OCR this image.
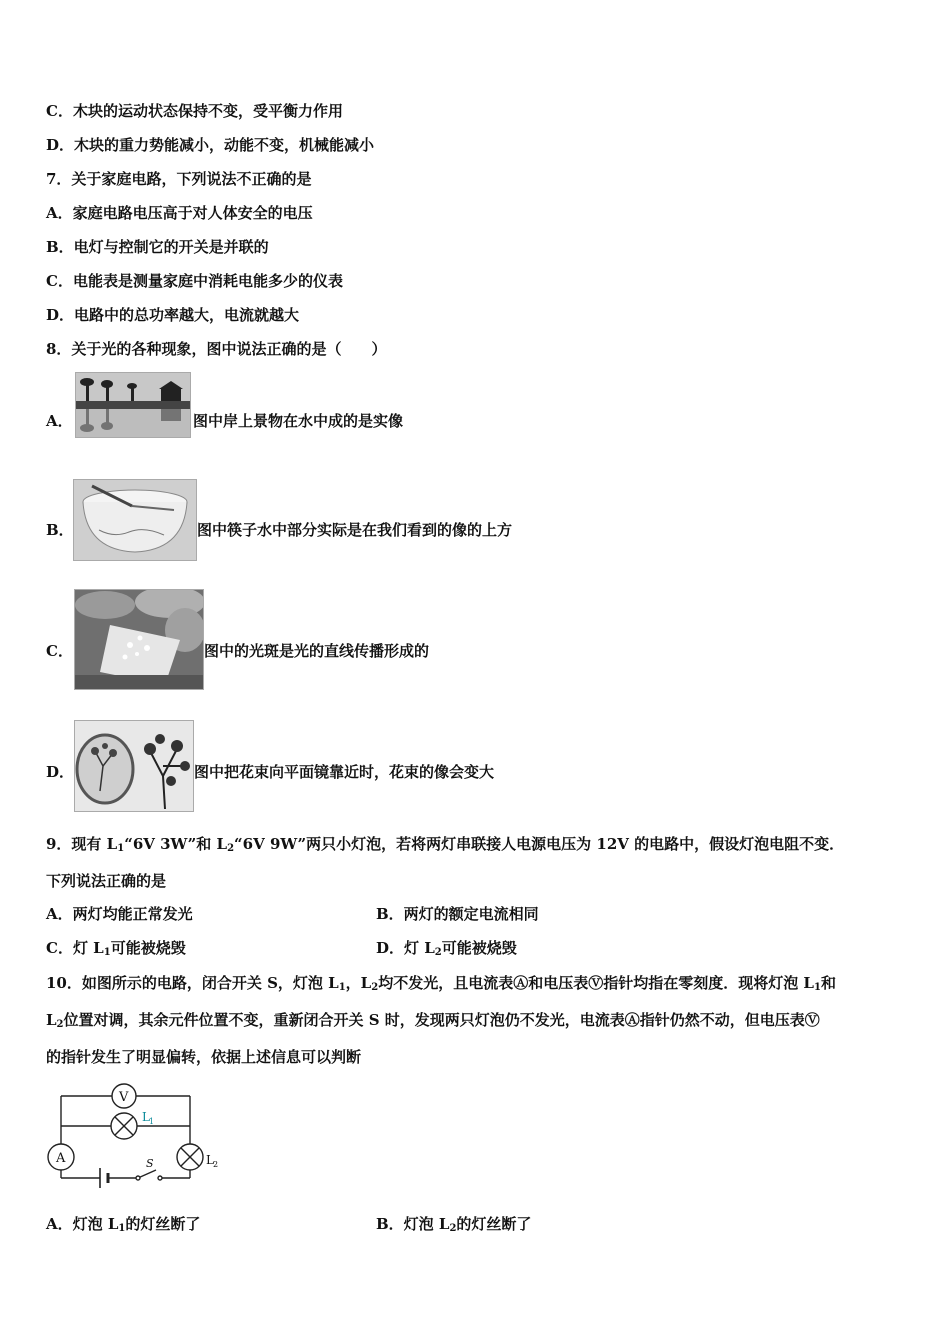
C．木块的运动状态保持不变，受平衡力作用
D．木块的重力势能减小，动能不变，机械能减小
7．关于家庭电路，下列说法不正确的是
A．家庭电路电压高于对人体安全的电压
B．电灯与控制它的开关是并联的
C．电能表是测量家庭中消耗电能多少的仪表
D．电路中的总功率越大，电流就越大
8．关于光的各种现象，图中说法正确的是（　　）
A．	图中岸上景物在水中成的是实像
B．	图中筷子水中部分实际是在我们看到的像的上方
C．	图中的光斑是光的直线传播形成的
D．	图中把花束向平面镜靠近时，花束的像会变大
9．现有 $L_1“6V$ 3W”和 $L_2“6V$ 9W”两只小灯泡，若将两灯串联接人电源电压为 12V 的电路中，假设灯泡电阻不变．
下列说法正确的是
A．两灯均能正常发光	B．两灯的额定电流相同
C．灯 $L_1$可能被烧毁	D．灯 $L_2$可能被烧毁
10．如图所示的电路，闭合开关 S，灯泡 $L_1$，$L_2$均不发光，且电流表Ⓐ和电压表Ⓥ指针均指在零刻度．现将灯泡 $L_1$和
$L_2$位置对调，其余元件位置不变，重新闭合开关 S 时，发现两只灯泡仍不发光，电流表Ⓐ指针仍然不动，但电压表Ⓥ
的指针发生了明显偏转，依据上述信息可以判断
V
A
L 1
L 2
S
A．灯泡 $L_1$的灯丝断了	B．灯泡 $L_2$的灯丝断了
